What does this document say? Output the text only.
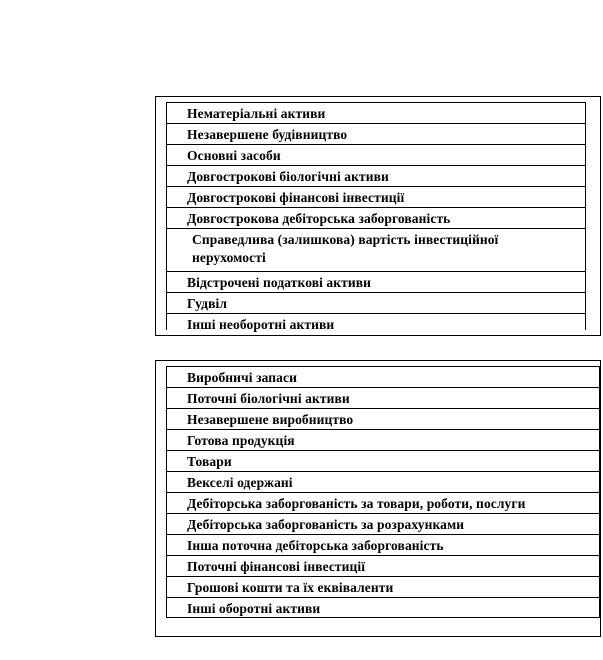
Нематеріальні активи
Незавершене будівництво
Основні засоби
Довгострокові біологічні активи
Довгострокові фінансові інвестиції
Довгострокова дебіторська заборгованість
Справедлива (залишкова) вартість інвестиційної нерухомості
Відстрочені податкові активи
Гудвіл
Інші необоротні активи
Виробничі запаси
Поточні біологічні активи
Незавершене виробництво
Готова продукція
Товари
Векселі одержані
Дебіторська заборгованість за товари, роботи, послуги
Дебіторська заборгованість за розрахунками
Інша поточна дебіторська заборгованість
Поточні фінансові інвестиції
Грошові кошти та їх еквіваленти
Інші оборотні активи
